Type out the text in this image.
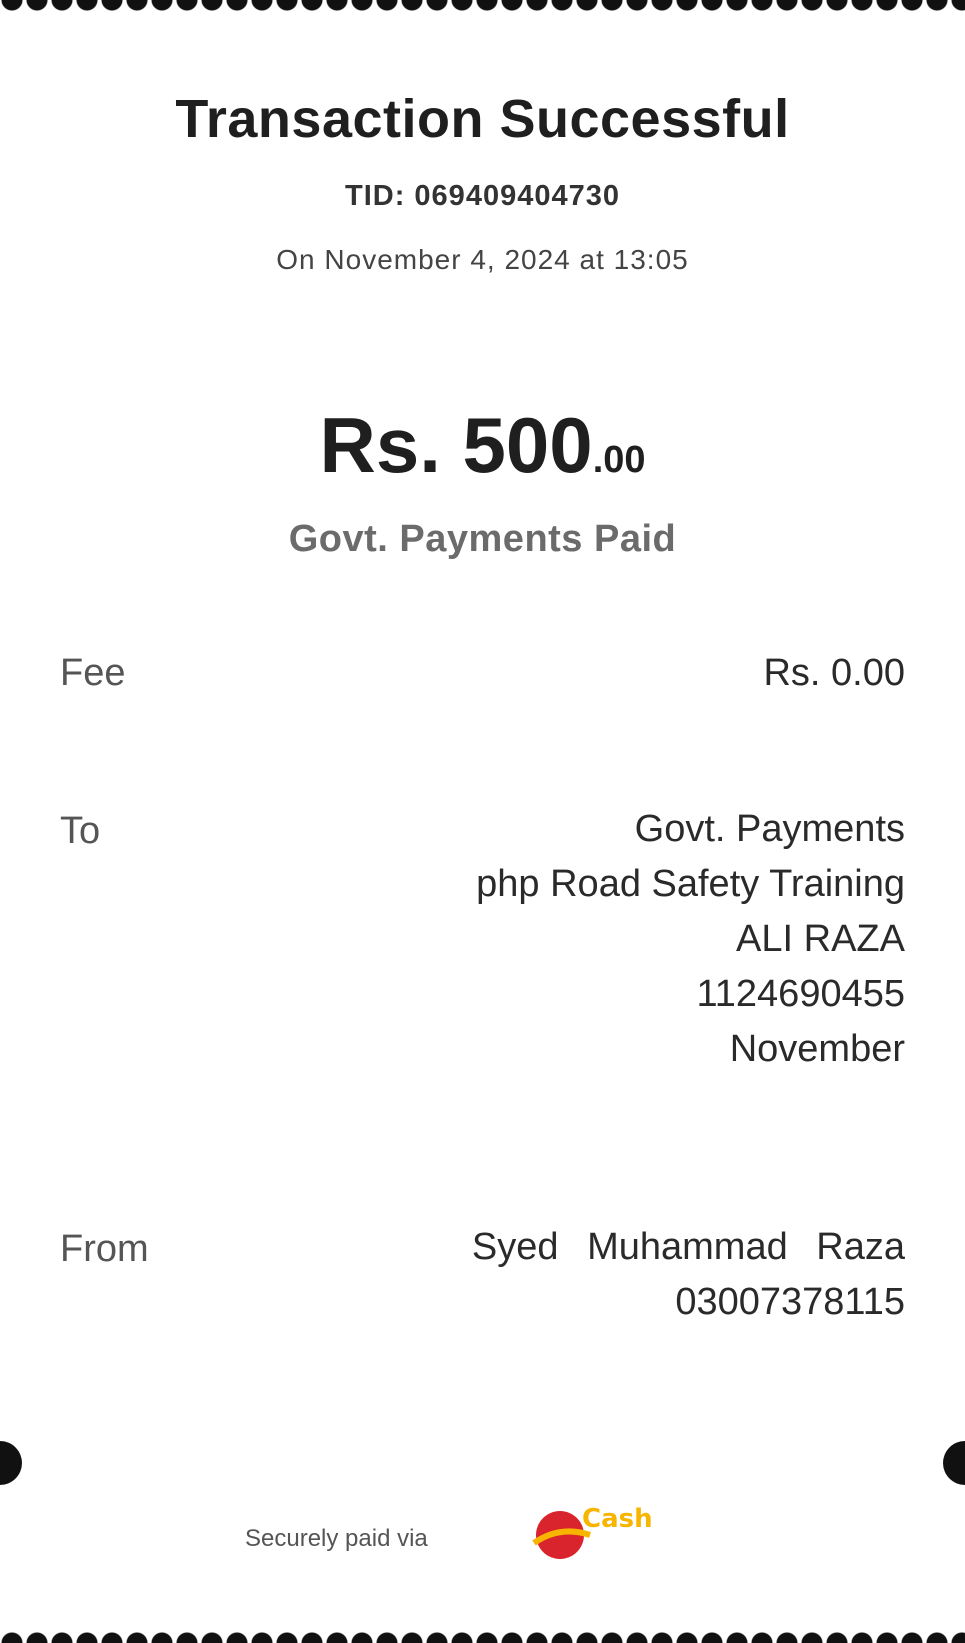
Transaction Successful
TID: 069409404730
On November 4, 2024 at 13:05
Rs. 500.00
Govt. Payments Paid
Fee	Rs. 0.00
To	Govt. Payments
php Road Safety Training
ALI RAZA
1124690455
November
From	Syed Muhammad Raza
03007378115
Securely paid via
Cash
